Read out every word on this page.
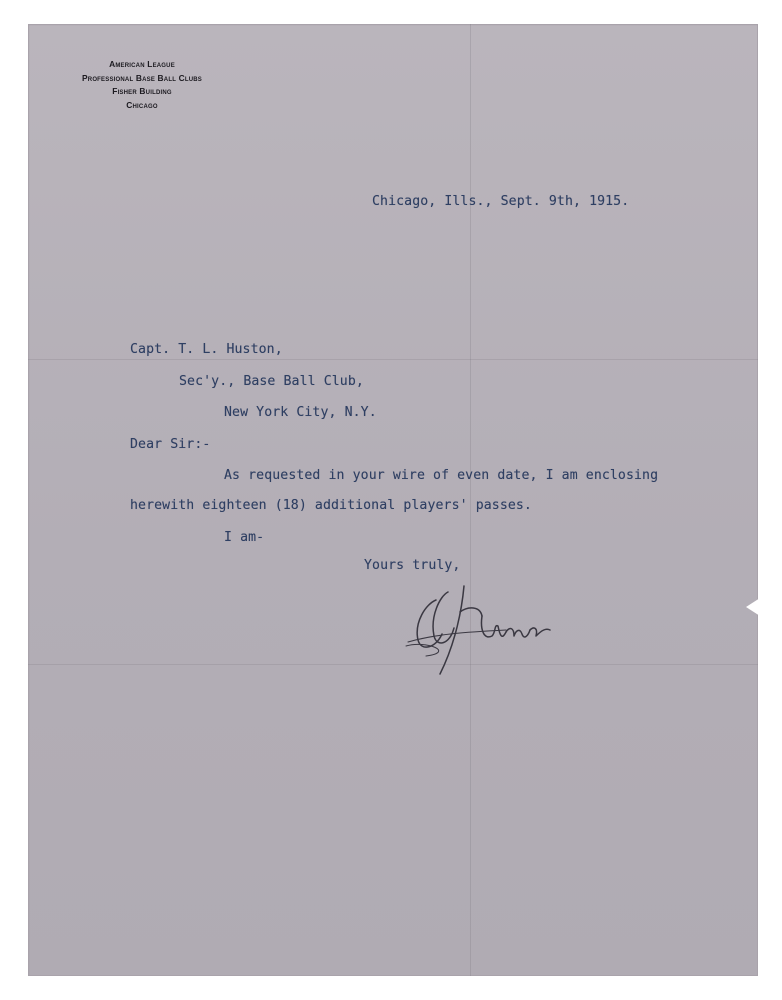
American League
Professional Base Ball Clubs
Fisher Building
Chicago
Chicago, Ills., Sept. 9th, 1915.
Capt. T. L. Huston,
Sec'y., Base Ball Club,
New York City, N.Y.
Dear Sir:-
As requested in your wire of even date, I am enclosing
herewith eighteen (18) additional players' passes.
I am-
Yours truly,
